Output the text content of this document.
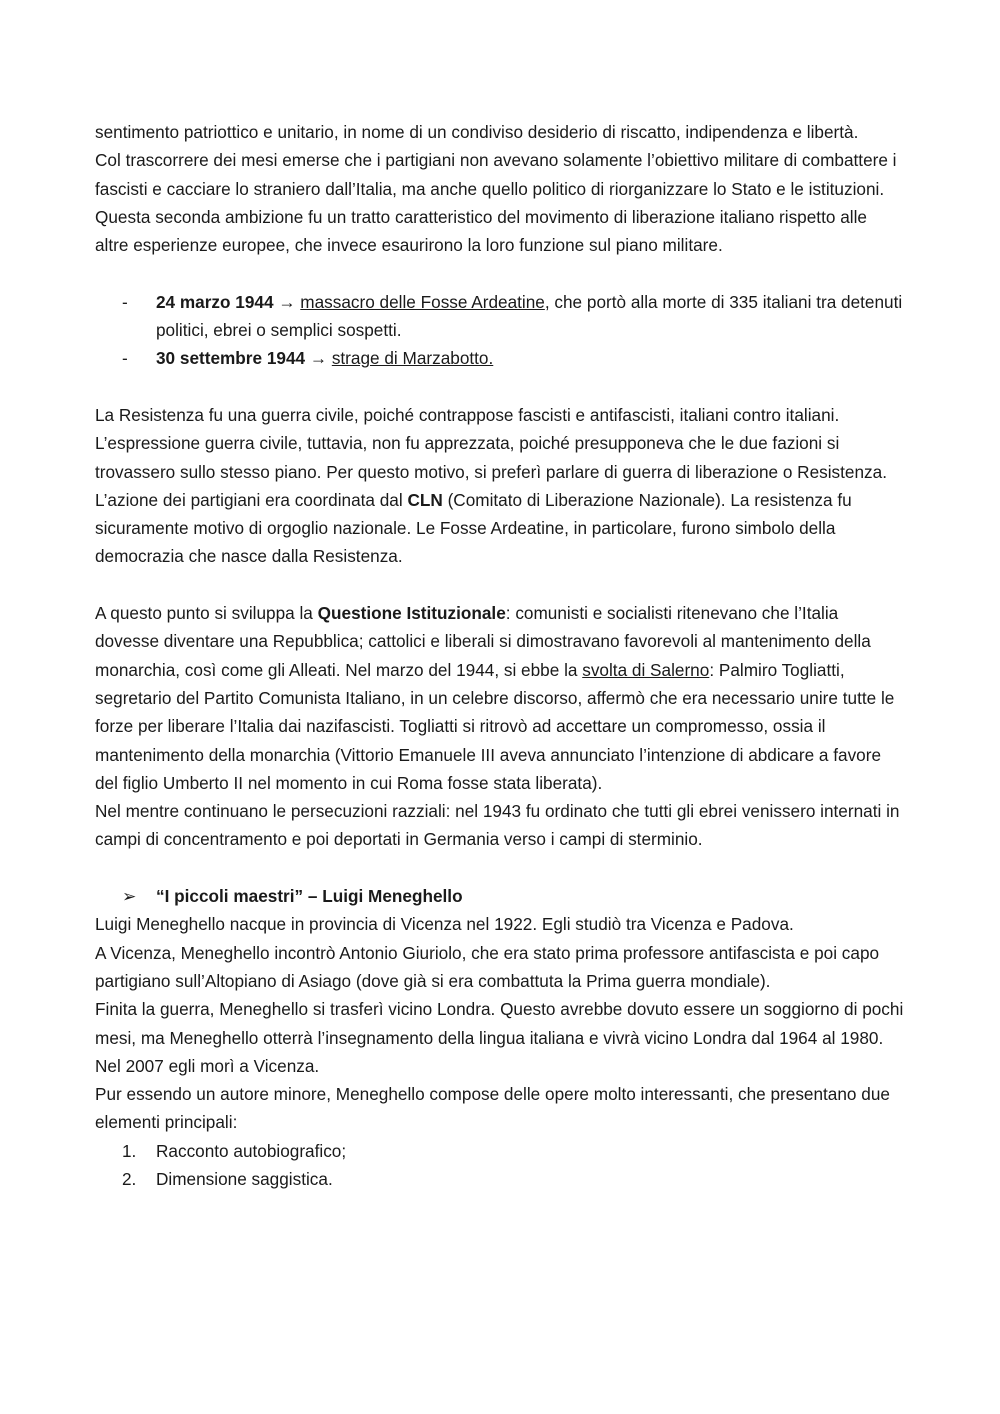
sentimento patriottico e unitario, in nome di un condiviso desiderio di riscatto, indipendenza e libertà.

Col trascorrere dei mesi emerse che i partigiani non avevano solamente l’obiettivo militare di combattere i fascisti e cacciare lo straniero dall’Italia, ma anche quello politico di riorganizzare lo Stato e le istituzioni. Questa seconda ambizione fu un tratto caratteristico del movimento di liberazione italiano rispetto alle altre esperienze europee, che invece esaurirono la loro funzione sul piano militare.

- 24 marzo 1944 → massacro delle Fosse Ardeatine, che portò alla morte di 335 italiani tra detenuti politici, ebrei o semplici sospetti.
- 30 settembre 1944 → strage di Marzabotto.

La Resistenza fu una guerra civile, poiché contrappose fascisti e antifascisti, italiani contro italiani. L’espressione guerra civile, tuttavia, non fu apprezzata, poiché presupponeva che le due fazioni si trovassero sullo stesso piano. Per questo motivo, si preferì parlare di guerra di liberazione o Resistenza.

L’azione dei partigiani era coordinata dal CLN (Comitato di Liberazione Nazionale). La resistenza fu sicuramente motivo di orgoglio nazionale. Le Fosse Ardeatine, in particolare, furono simbolo della democrazia che nasce dalla Resistenza.

A questo punto si sviluppa la Questione Istituzionale: comunisti e socialisti ritenevano che l’Italia dovesse diventare una Repubblica; cattolici e liberali si dimostravano favorevoli al mantenimento della monarchia, così come gli Alleati. Nel marzo del 1944, si ebbe la svolta di Salerno: Palmiro Togliatti, segretario del Partito Comunista Italiano, in un celebre discorso, affermò che era necessario unire tutte le forze per liberare l’Italia dai nazifascisti. Togliatti si ritrovò ad accettare un compromesso, ossia il mantenimento della monarchia (Vittorio Emanuele III aveva annunciato l’intenzione di abdicare a favore del figlio Umberto II nel momento in cui Roma fosse stata liberata).

Nel mentre continuano le persecuzioni razziali: nel 1943 fu ordinato che tutti gli ebrei venissero internati in campi di concentramento e poi deportati in Germania verso i campi di sterminio.

➢ “I piccoli maestri” – Luigi Meneghello

Luigi Meneghello nacque in provincia di Vicenza nel 1922. Egli studiò tra Vicenza e Padova.

A Vicenza, Meneghello incontrò Antonio Giuriolo, che era stato prima professore antifascista e poi capo partigiano sull’Altopiano di Asiago (dove già si era combattuta la Prima guerra mondiale).

Finita la guerra, Meneghello si trasferì vicino Londra. Questo avrebbe dovuto essere un soggiorno di pochi mesi, ma Meneghello otterrà l’insegnamento della lingua italiana e vivrà vicino Londra dal 1964 al 1980. Nel 2007 egli morì a Vicenza.

Pur essendo un autore minore, Meneghello compose delle opere molto interessanti, che presentano due elementi principali:

1. Racconto autobiografico;
2. Dimensione saggistica.
